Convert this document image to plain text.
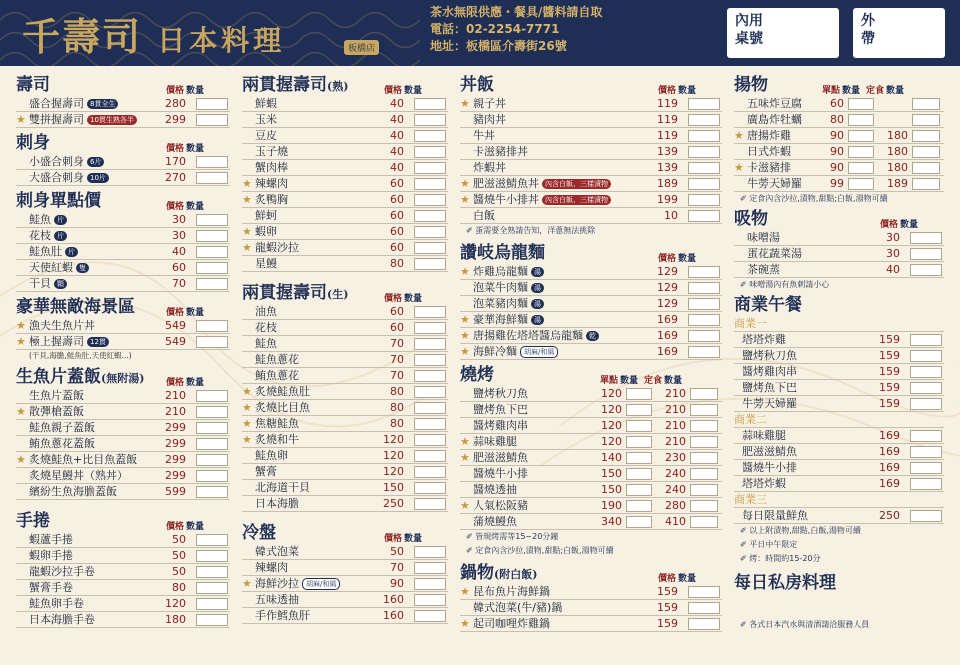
千壽司 日本料理	板橋店
茶水無限供應・餐具/醬料請自取
電話：02-2254-7771
地址：板橋區介壽街26號
內用
桌號
外
帶
壽司	價格 數量
盛合握壽司 8貫全生	280
★ 雙拼握壽司 10貫生熟各半	299
刺身	價格 數量
小盛合刺身 6片	170
大盛合刺身 10片	270
刺身單點價	價格 數量
鮭魚 片	30
花枝 片	30
鮭魚肚 片	40
天使紅蝦 隻	60
干貝 顆	70
豪華無敵海景區	價格 數量
★ 漁夫生魚片丼	549
★ 極上握壽司 12貫	549
(干貝,海膽,鮭魚肚,天使紅蝦...)
生魚片蓋飯(無附湯) 價格 數量
生魚片蓋飯	210
★ 散彈槍蓋飯	210
鮭魚親子蓋飯	299
鮪魚蔥花蓋飯	299
★ 炙燒鮭魚+比目魚蓋飯	299
炙燒星鰻丼（熟丼）	299
繽紛生魚海膽蓋飯	599
手捲	價格 數量
蝦蘆手捲	50
蝦卵手捲	50
龍蝦沙拉手卷	50
蟹膏手卷	80
鮭魚卵手卷	120
日本海膽手卷	180
兩貫握壽司(熟)	價格 數量
鮮蝦	40
玉米	40
豆皮	40
玉子燒	40
蟹肉棒	40
★ 辣螺肉	60
★ 炙鴨胸	60
鮮蚵	60
★ 蝦卵	60
★ 龍蝦沙拉	60
星鰻	80
兩貫握壽司(生)	價格 數量
油魚	60
花枝	60
鮭魚	70
鮭魚蔥花	70
鮪魚蔥花	70
★ 炙燒鮭魚肚	80
★ 炙燒比目魚	80
★ 焦糖鮭魚	80
★ 炙燒和牛	120
鮭魚卵	120
蟹膏	120
北海道干貝	150
日本海膽	250
冷盤	價格 數量
韓式泡菜	50
辣螺肉	70
★ 海鮮沙拉 胡麻/和風	90
五味透抽	160
手作鱈魚肝	160
丼飯	價格 數量
★ 親子丼	119
豬肉丼	119
牛丼	119
卡滋豬排丼	139
炸蝦丼	139
★ 肥滋滋鯖魚丼 內含白飯、三樣漬物	189
★ 醬燒牛小排丼 內含白飯、三樣漬物	199
白飯	10
✐ 蛋需要全熟請告知，洋蔥無法挑除
讚岐烏龍麵	價格 數量
★ 炸雞烏龍麵 湯	129
泡菜牛肉麵 湯	129
泡菜豬肉麵 湯	129
★ 豪華海鮮麵 湯	169
★ 唐揚雞佐塔塔醬烏龍麵 乾	169
★ 海鮮冷麵 胡麻/和風	169
燒烤	單點 數量 定食 數量
鹽烤秋刀魚	120	210
鹽烤魚下巴	120	210
醬烤雞肉串	120	210
★ 蒜味雞腿	120	210
★ 肥滋滋鯖魚	140	230
醬燒牛小排	150	240
醬燒透抽	150	240
★ 人氣松阪豬	190	280
蒲燒鰻魚	340	410
✐ 皆現烤需等15~20分鐘
✐ 定食內含沙拉,漬物,甜點;白飯,湯物可續
鍋物(附白飯)	價格 數量
★ 昆布魚片海鮮鍋	159
韓式泡菜(牛/豬)鍋	159
★ 起司咖哩炸雞鍋	159
揚物	單點 數量 定食 數量
五味炸豆腐	60
廣島炸牡蠣	80
★ 唐揚炸雞	90	180
日式炸蝦	90	180
★ 卡滋豬排	90	180
牛蒡天婦羅	99	189
✐ 定食內含沙拉,漬物,甜點;白飯,湯物可續
吸物	價格 數量
味噌湯	30
蛋花蔬菜湯	30
茶碗蒸	40
✐ 味噌湯內有魚刺請小心
商業午餐
商業一
塔塔炸雞	159
鹽烤秋刀魚	159
醬烤雞肉串	159
鹽烤魚下巴	159
牛蒡天婦羅	159
商業二
蒜味雞腿	169
肥滋滋鯖魚	169
醬燒牛小排	169
塔塔炸蝦	169
商業三
每日限量鮮魚	250
✐ 以上附漬物,甜點,白飯,湯物可續
✐ 平日中午限定
✐ 烤：時間約15-20分
每日私房料理
✐ 各式日本汽水與清酒請洽服務人員
